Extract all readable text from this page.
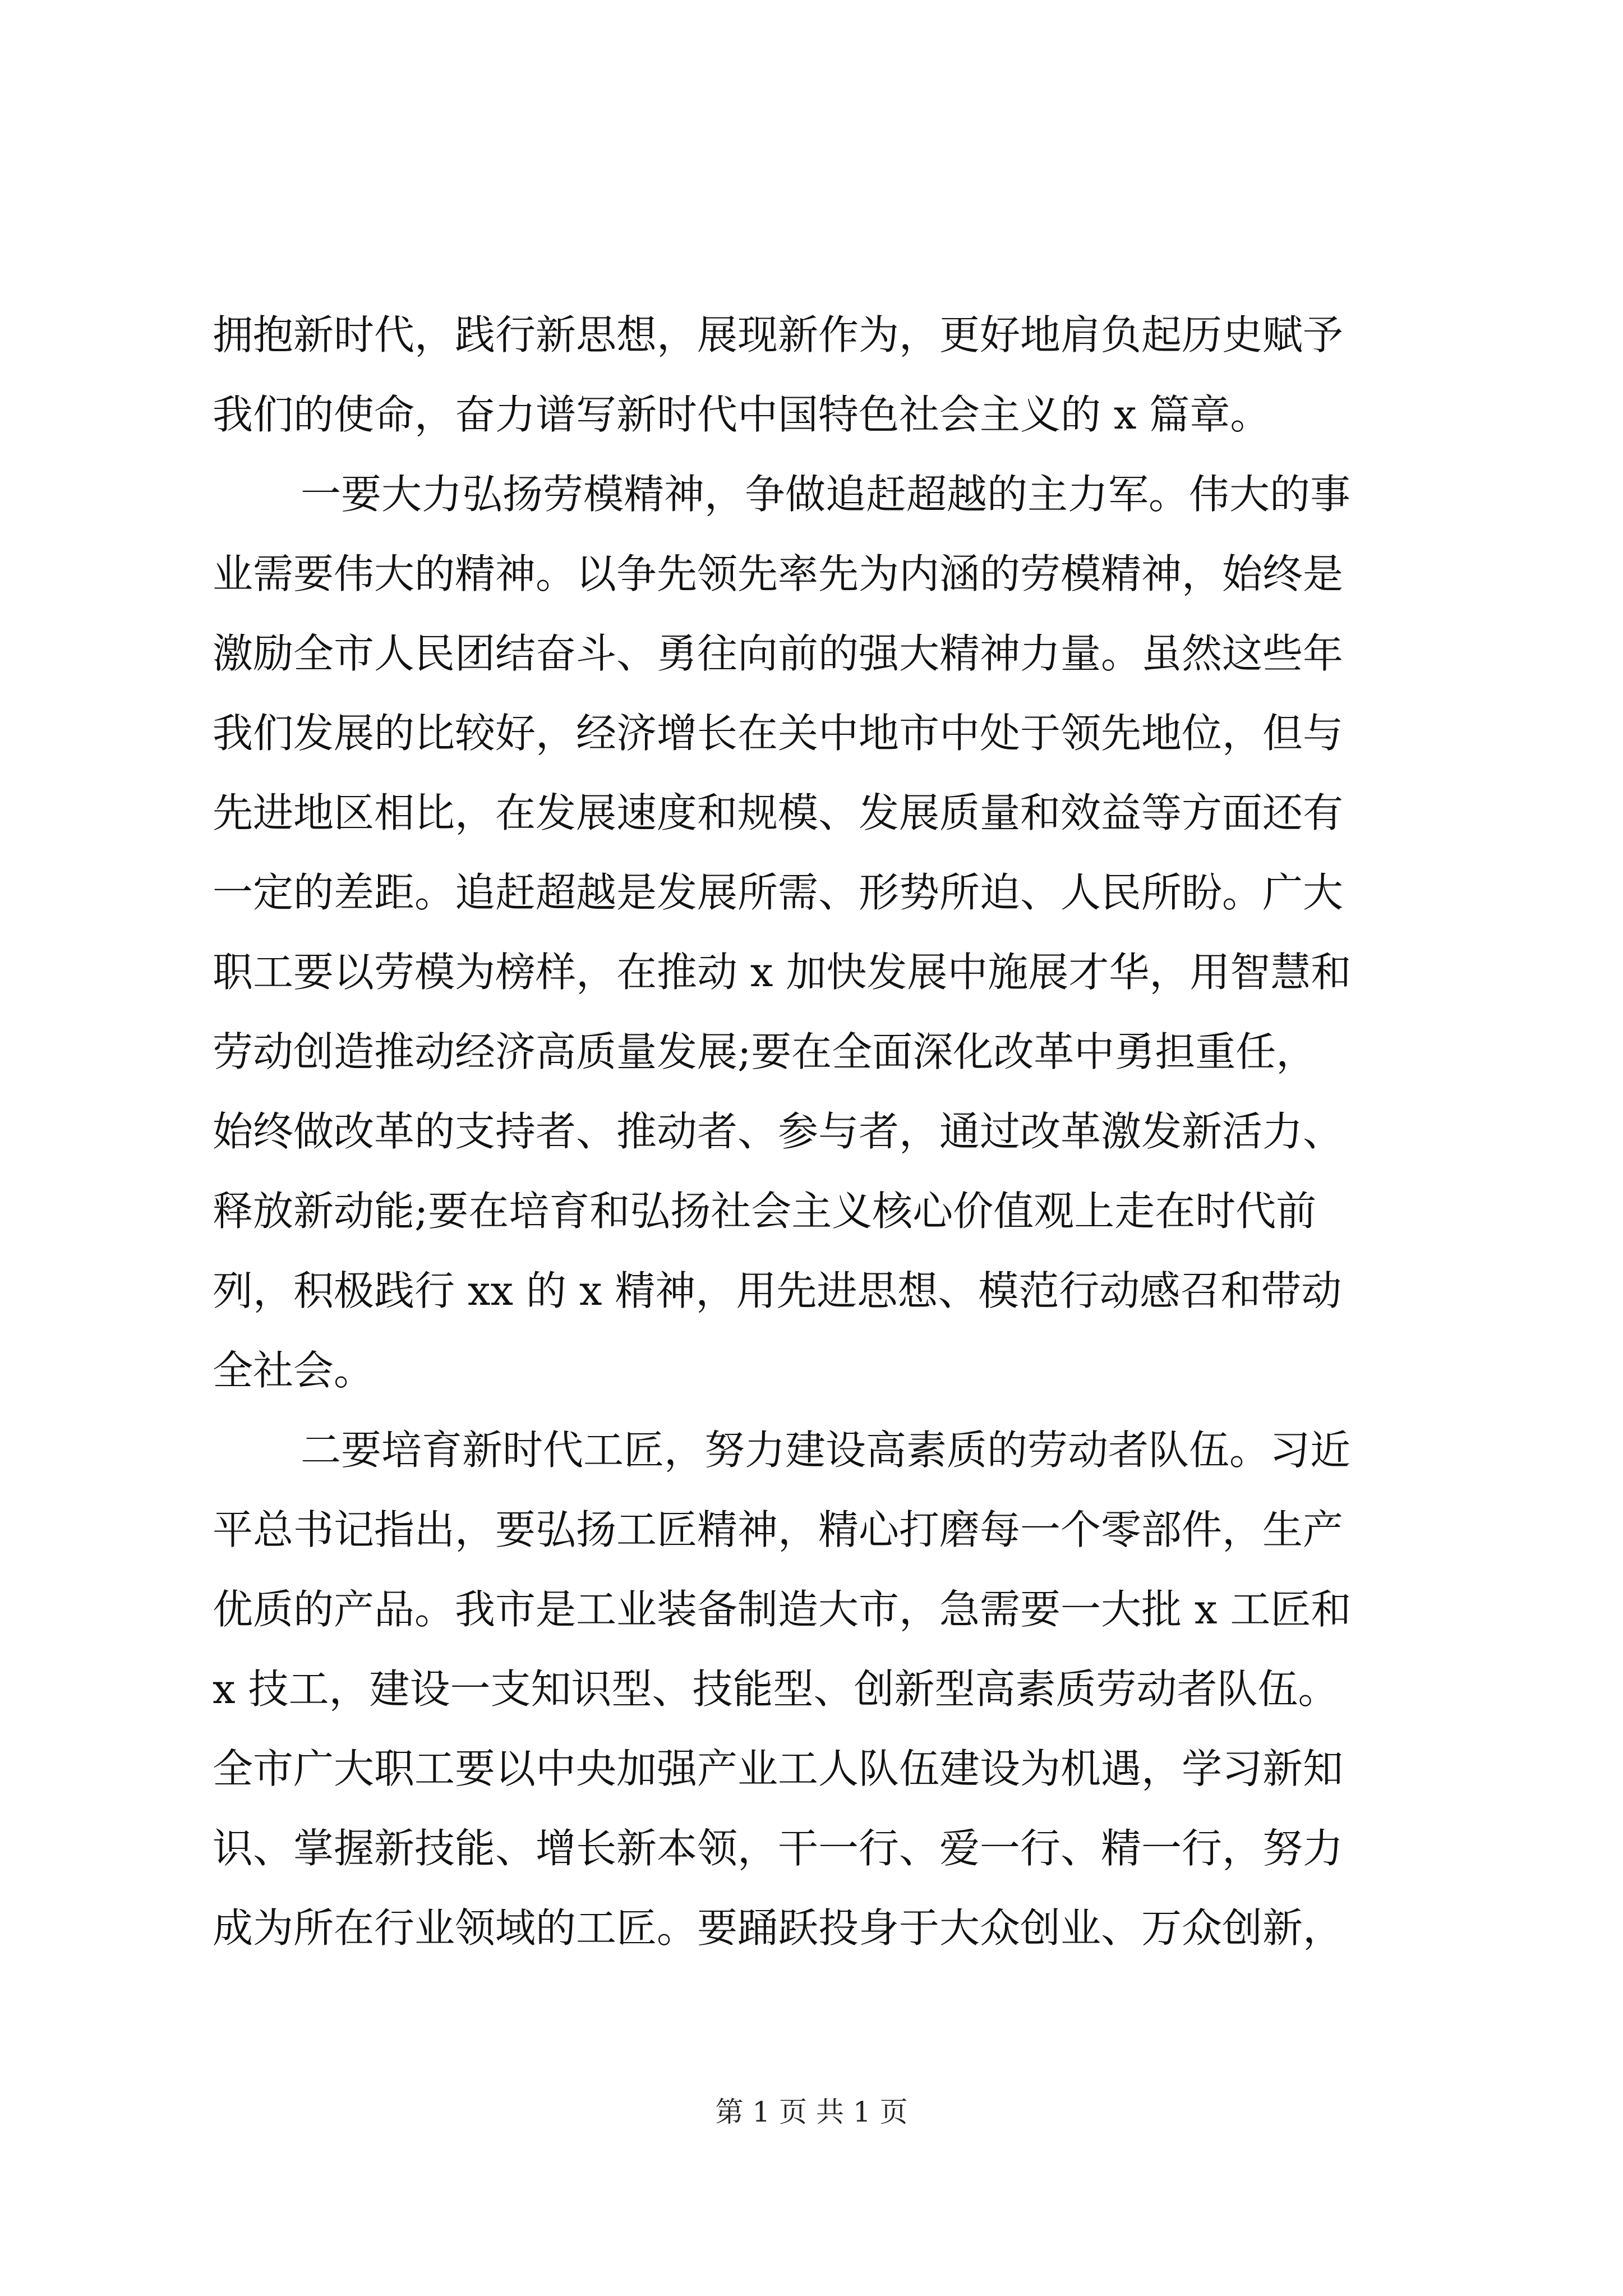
拥抱新时代，践行新思想，展现新作为，更好地肩负起历史赋予
我们的使命，奋力谱写新时代中国特色社会主义的 x 篇章。
一要大力弘扬劳模精神，争做追赶超越的主力军。伟大的事
业需要伟大的精神。以争先领先率先为内涵的劳模精神，始终是
激励全市人民团结奋斗、勇往向前的强大精神力量。虽然这些年
我们发展的比较好，经济增长在关中地市中处于领先地位，但与
先进地区相比，在发展速度和规模、发展质量和效益等方面还有
一定的差距。追赶超越是发展所需、形势所迫、人民所盼。广大
职工要以劳模为榜样，在推动 x 加快发展中施展才华，用智慧和
劳动创造推动经济高质量发展;要在全面深化改革中勇担重任，
始终做改革的支持者、推动者、参与者，通过改革激发新活力、
释放新动能;要在培育和弘扬社会主义核心价值观上走在时代前
列，积极践行 xx 的 x 精神，用先进思想、模范行动感召和带动
全社会。
二要培育新时代工匠，努力建设高素质的劳动者队伍。习近
平总书记指出，要弘扬工匠精神，精心打磨每一个零部件，生产
优质的产品。我市是工业装备制造大市，急需要一大批 x 工匠和
x 技工，建设一支知识型、技能型、创新型高素质劳动者队伍。
全市广大职工要以中央加强产业工人队伍建设为机遇，学习新知
识、掌握新技能、增长新本领，干一行、爱一行、精一行，努力
成为所在行业领域的工匠。要踊跃投身于大众创业、万众创新，
第 1 页 共 1 页
